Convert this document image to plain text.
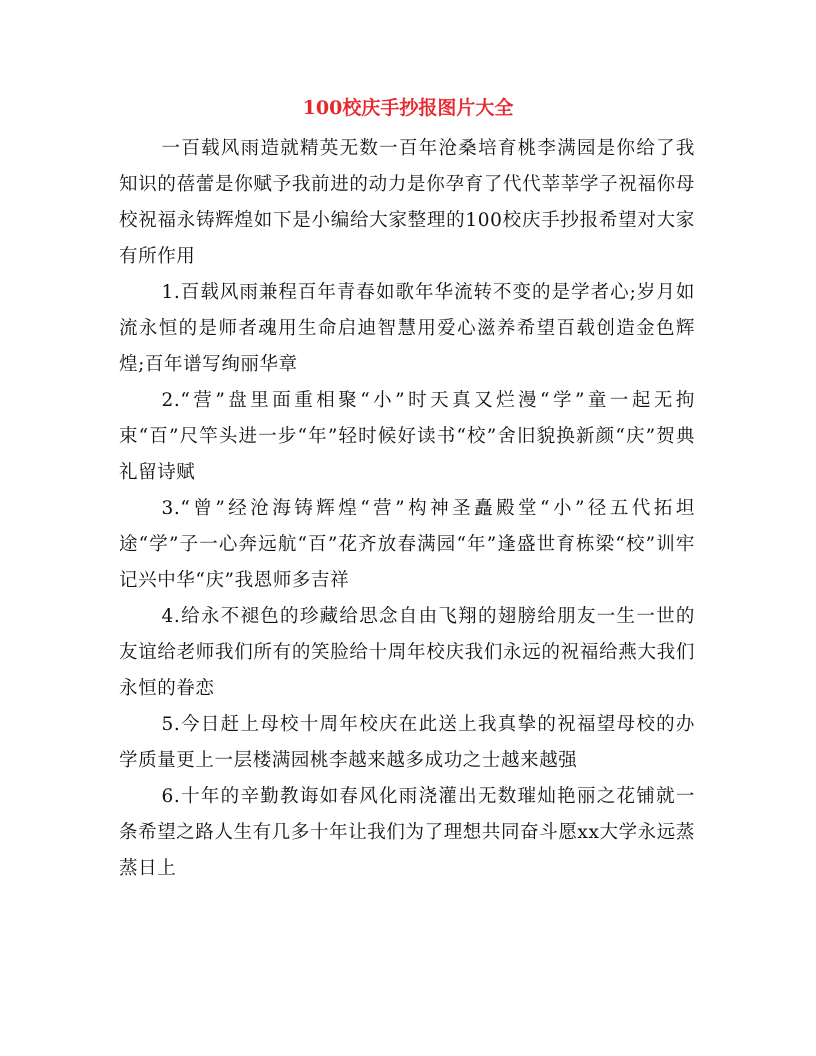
100校庆手抄报图片大全

一百载风雨造就精英无数一百年沧桑培育桃李满园是你给了我知识的蓓蕾是你赋予我前进的动力是你孕育了代代莘莘学子祝福你母校祝福永铸辉煌如下是小编给大家整理的100校庆手抄报希望对大家有所作用

1.百载风雨兼程百年青春如歌年华流转不变的是学者心;岁月如流永恒的是师者魂用生命启迪智慧用爱心滋养希望百载创造金色辉煌;百年谱写绚丽华章

2.“营”盘里面重相聚“小”时天真又烂漫“学”童一起无拘束“百”尺竿头进一步“年”轻时候好读书“校”舍旧貌换新颜“庆”贺典礼留诗赋

3.“曾”经沧海铸辉煌“营”构神圣矗殿堂“小”径五代拓坦途“学”子一心奔远航“百”花齐放春满园“年”逢盛世育栋梁“校”训牢记兴中华“庆”我恩师多吉祥

4.给永不褪色的珍藏给思念自由飞翔的翅膀给朋友一生一世的友谊给老师我们所有的笑脸给十周年校庆我们永远的祝福给燕大我们永恒的眷恋

5.今日赶上母校十周年校庆在此送上我真挚的祝福望母校的办学质量更上一层楼满园桃李越来越多成功之士越来越强

6.十年的辛勤教诲如春风化雨浇灌出无数璀灿艳丽之花铺就一条希望之路人生有几多十年让我们为了理想共同奋斗愿xx大学永远蒸蒸日上
